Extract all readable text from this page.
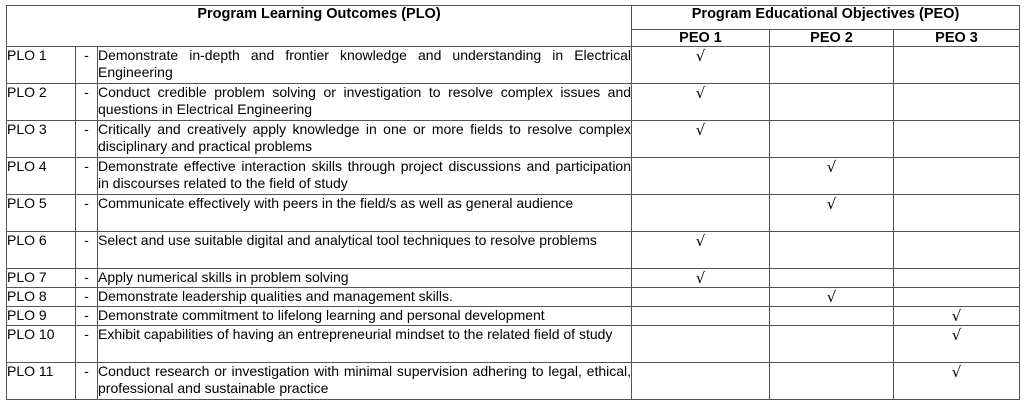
Program Learning Outcomes (PLO)			Program Educational Objectives (PEO)		
			PEO 1	PEO 2	PEO 3
PLO 1	-	Demonstrate in-depth and frontier knowledge and understanding in Electrical Engineering	√		
PLO 2	-	Conduct credible problem solving or investigation to resolve complex issues and questions in Electrical Engineering	√		
PLO 3	-	Critically and creatively apply knowledge in one or more fields to resolve complex disciplinary and practical problems	√		
PLO 4	-	Demonstrate effective interaction skills through project discussions and participation in discourses related to the field of study		√	
PLO 5	-	Communicate effectively with peers in the field/s as well as general audience		√	
PLO 6	-	Select and use suitable digital and analytical tool techniques to resolve problems	√		
PLO 7	-	Apply numerical skills in problem solving	√		
PLO 8	-	Demonstrate leadership qualities and management skills.		√	
PLO 9	-	Demonstrate commitment to lifelong learning and personal development			√
PLO 10	-	Exhibit capabilities of having an entrepreneurial mindset to the related field of study			√
PLO 11	-	Conduct research or investigation with minimal supervision adhering to legal, ethical, professional and sustainable practice			√
